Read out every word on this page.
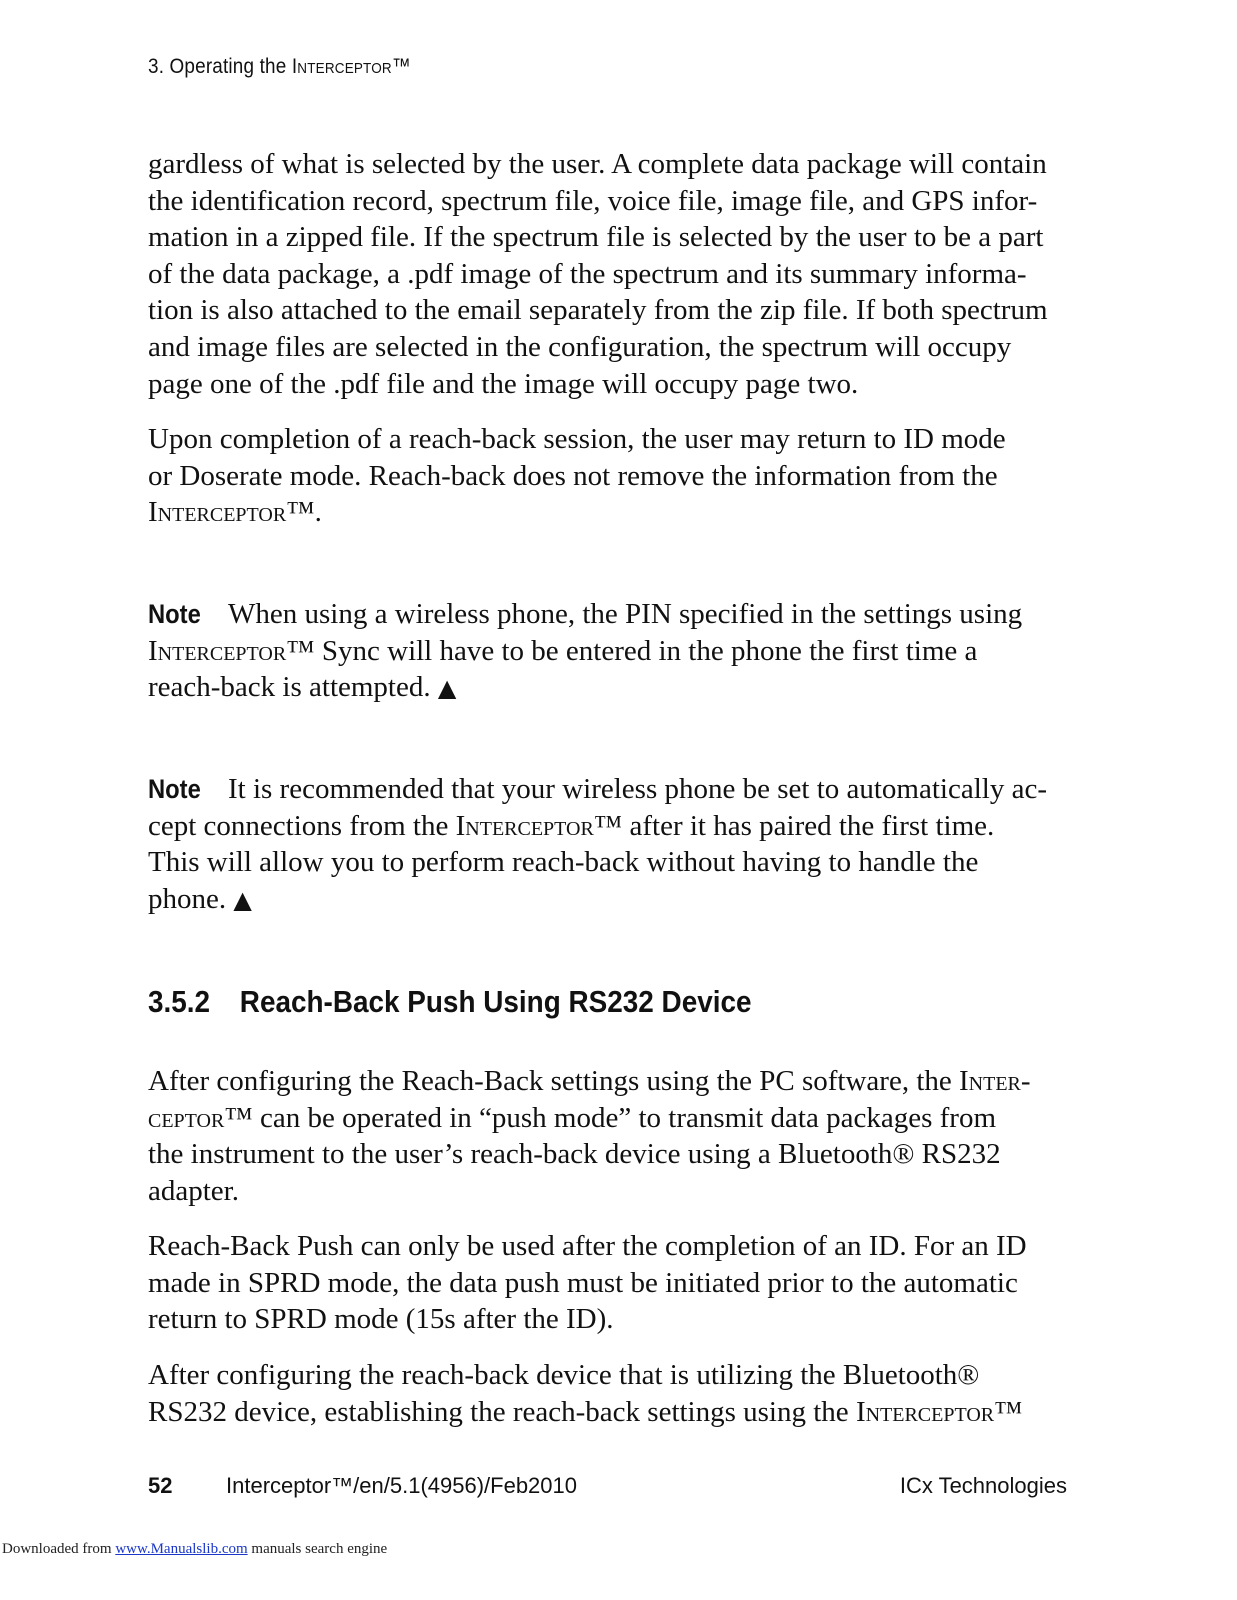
3. Operating the Interceptor™

gardless of what is selected by the user. A complete data package will contain
the identification record, spectrum file, voice file, image file, and GPS infor-
mation in a zipped file. If the spectrum file is selected by the user to be a part
of the data package, a .pdf image of the spectrum and its summary informa-
tion is also attached to the email separately from the zip file. If both spectrum
and image files are selected in the configuration, the spectrum will occupy
page one of the .pdf file and the image will occupy page two.

Upon completion of a reach-back session, the user may return to ID mode
or Doserate mode. Reach-back does not remove the information from the
Interceptor™.

Note When using a wireless phone, the PIN specified in the settings using
Interceptor™ Sync will have to be entered in the phone the first time a
reach-back is attempted. ▲

Note It is recommended that your wireless phone be set to automatically ac-
cept connections from the Interceptor™ after it has paired the first time.
This will allow you to perform reach-back without having to handle the
phone. ▲

3.5.2 Reach-Back Push Using RS232 Device

After configuring the Reach-Back settings using the PC software, the Inter-
ceptor™ can be operated in “push mode” to transmit data packages from
the instrument to the user’s reach-back device using a Bluetooth® RS232
adapter.

Reach-Back Push can only be used after the completion of an ID. For an ID
made in SPRD mode, the data push must be initiated prior to the automatic
return to SPRD mode (15s after the ID).

After configuring the reach-back device that is utilizing the Bluetooth®
RS232 device, establishing the reach-back settings using the Interceptor™

52 Interceptor™/en/5.1(4956)/Feb2010	ICx Technologies
Downloaded from www.Manualslib.com manuals search engine
